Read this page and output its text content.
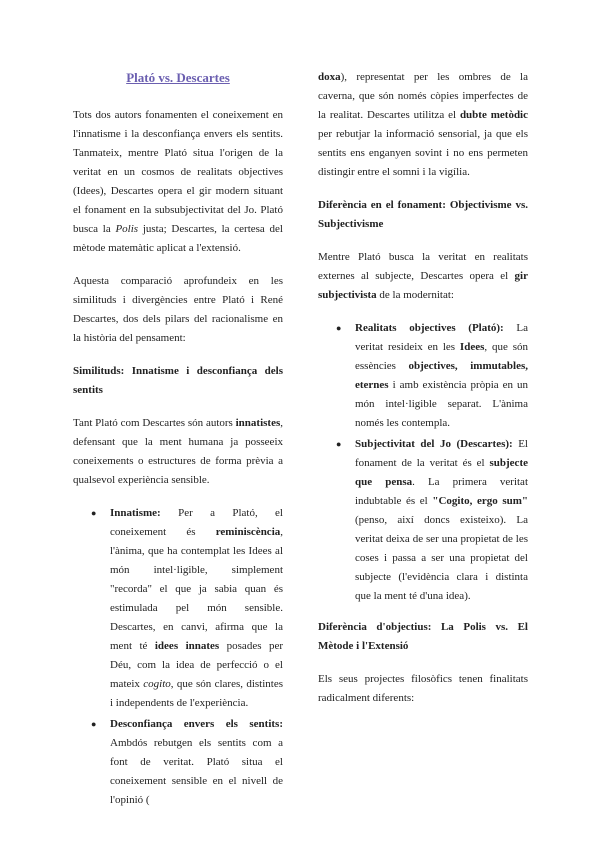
Plató vs. Descartes

Tots dos autors fonamenten el coneixement en l'innatisme i la desconfiança envers els sentits. Tanmateix, mentre Plató situa l'origen de la veritat en un cosmos de realitats objectives (Idees), Descartes opera el gir modern situant el fonament en la subsubjectivitat del Jo. Plató busca la Polis justa; Descartes, la certesa del mètode matemàtic aplicat a l'extensió.

Aquesta comparació aprofundeix en les similituds i divergències entre Plató i René Descartes, dos dels pilars del racionalisme en la història del pensament:

Similituds: Innatisme i desconfiança dels sentits

Tant Plató com Descartes són autors innatistes, defensant que la ment humana ja posseeix coneixements o estructures de forma prèvia a qualsevol experiència sensible.

● Innatisme: Per a Plató, el coneixement és reminiscència, l'ànima, que ha contemplat les Idees al món intel·ligible, simplement "recorda" el que ja sabia quan és estimulada pel món sensible. Descartes, en canvi, afirma que la ment té idees innates posades per Déu, com la idea de perfecció o el mateix cogito, que són clares, distintes i independents de l'experiència.
● Desconfiança envers els sentits: Ambdós rebutgen els sentits com a font de veritat. Plató situa el coneixement sensible en el nivell de l'opinió (

doxa), representat per les ombres de la caverna, que són només còpies imperfectes de la realitat. Descartes utilitza el dubte metòdic per rebutjar la informació sensorial, ja que els sentits ens enganyen sovint i no ens permeten distingir entre el somni i la vigília.

Diferència en el fonament: Objectivisme vs. Subjectivisme

Mentre Plató busca la veritat en realitats externes al subjecte, Descartes opera el gir subjectivista de la modernitat:

● Realitats objectives (Plató): La veritat resideix en les Idees, que són essències objectives, immutables, eternes i amb existència pròpia en un món intel·ligible separat. L'ànima només les contempla.
● Subjectivitat del Jo (Descartes): El fonament de la veritat és el subjecte que pensa. La primera veritat indubtable és el "Cogito, ergo sum" (penso, així doncs existeixo). La veritat deixa de ser una propietat de les coses i passa a ser una propietat del subjecte (l'evidència clara i distinta que la ment té d'una idea).
Diferència d'objectius: La Polis vs. El Mètode i l'Extensió

Els seus projectes filosòfics tenen finalitats radicalment diferents:
